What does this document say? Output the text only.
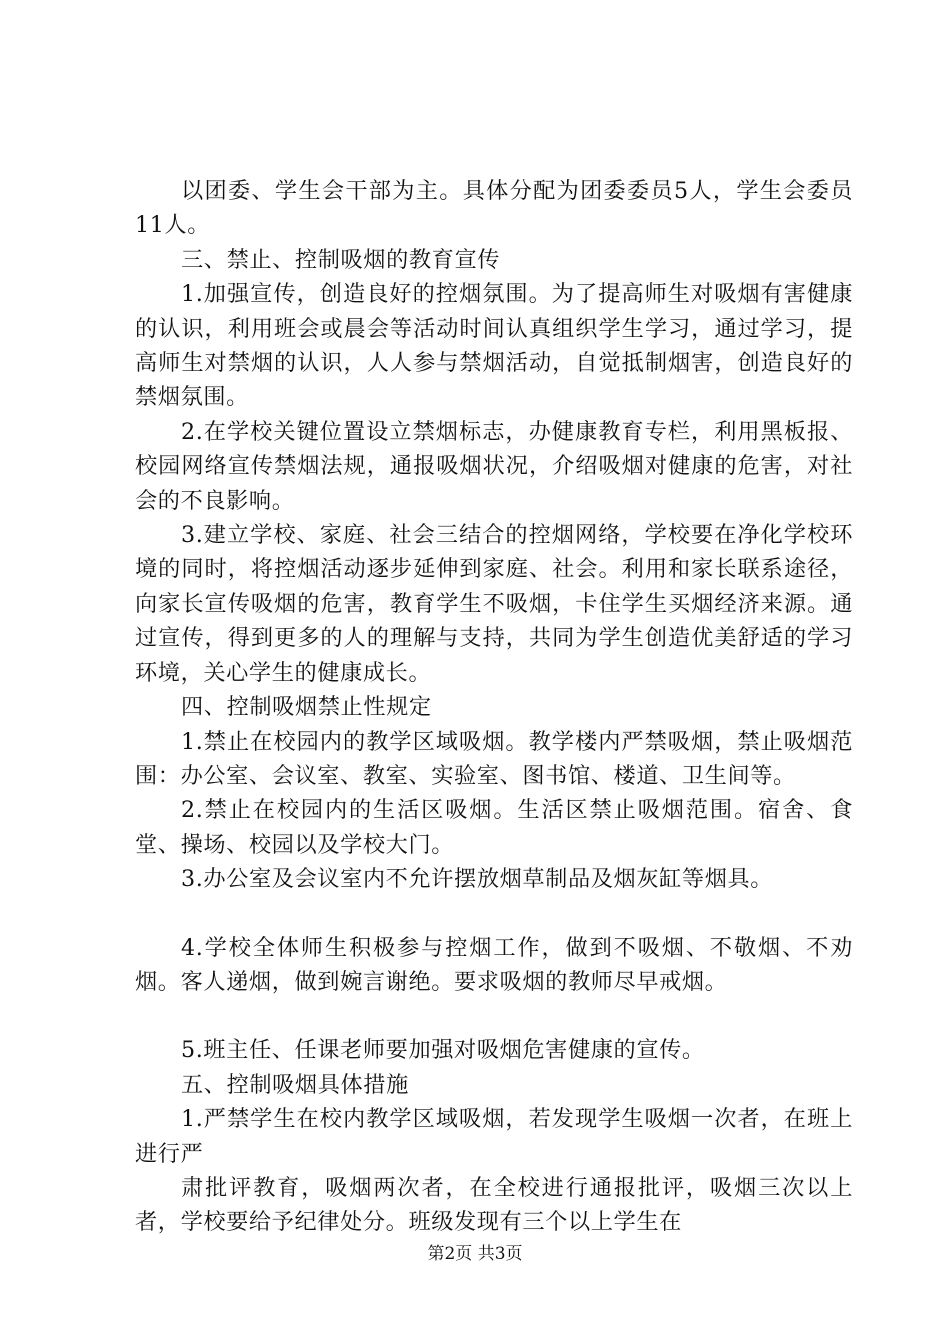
以团委、学生会干部为主。具体分配为团委委员5人，学生会委员11人。

三、禁止、控制吸烟的教育宣传

1.加强宣传，创造良好的控烟氛围。为了提高师生对吸烟有害健康的认识，利用班会或晨会等活动时间认真组织学生学习，通过学习，提高师生对禁烟的认识，人人参与禁烟活动，自觉抵制烟害，创造良好的禁烟氛围。

2.在学校关键位置设立禁烟标志，办健康教育专栏，利用黑板报、校园网络宣传禁烟法规，通报吸烟状况，介绍吸烟对健康的危害，对社会的不良影响。

3.建立学校、家庭、社会三结合的控烟网络，学校要在净化学校环境的同时，将控烟活动逐步延伸到家庭、社会。利用和家长联系途径，向家长宣传吸烟的危害，教育学生不吸烟，卡住学生买烟经济来源。通过宣传，得到更多的人的理解与支持，共同为学生创造优美舒适的学习环境，关心学生的健康成长。

四、控制吸烟禁止性规定

1.禁止在校园内的教学区域吸烟。教学楼内严禁吸烟，禁止吸烟范围：办公室、会议室、教室、实验室、图书馆、楼道、卫生间等。

2.禁止在校园内的生活区吸烟。生活区禁止吸烟范围。宿舍、食堂、操场、校园以及学校大门。

3.办公室及会议室内不允许摆放烟草制品及烟灰缸等烟具。

4.学校全体师生积极参与控烟工作，做到不吸烟、不敬烟、不劝烟。客人递烟，做到婉言谢绝。要求吸烟的教师尽早戒烟。

5.班主任、任课老师要加强对吸烟危害健康的宣传。

五、控制吸烟具体措施

1.严禁学生在校内教学区域吸烟，若发现学生吸烟一次者，在班上进行严

肃批评教育，吸烟两次者，在全校进行通报批评，吸烟三次以上者，学校要给予纪律处分。班级发现有三个以上学生在

第2页 共3页
